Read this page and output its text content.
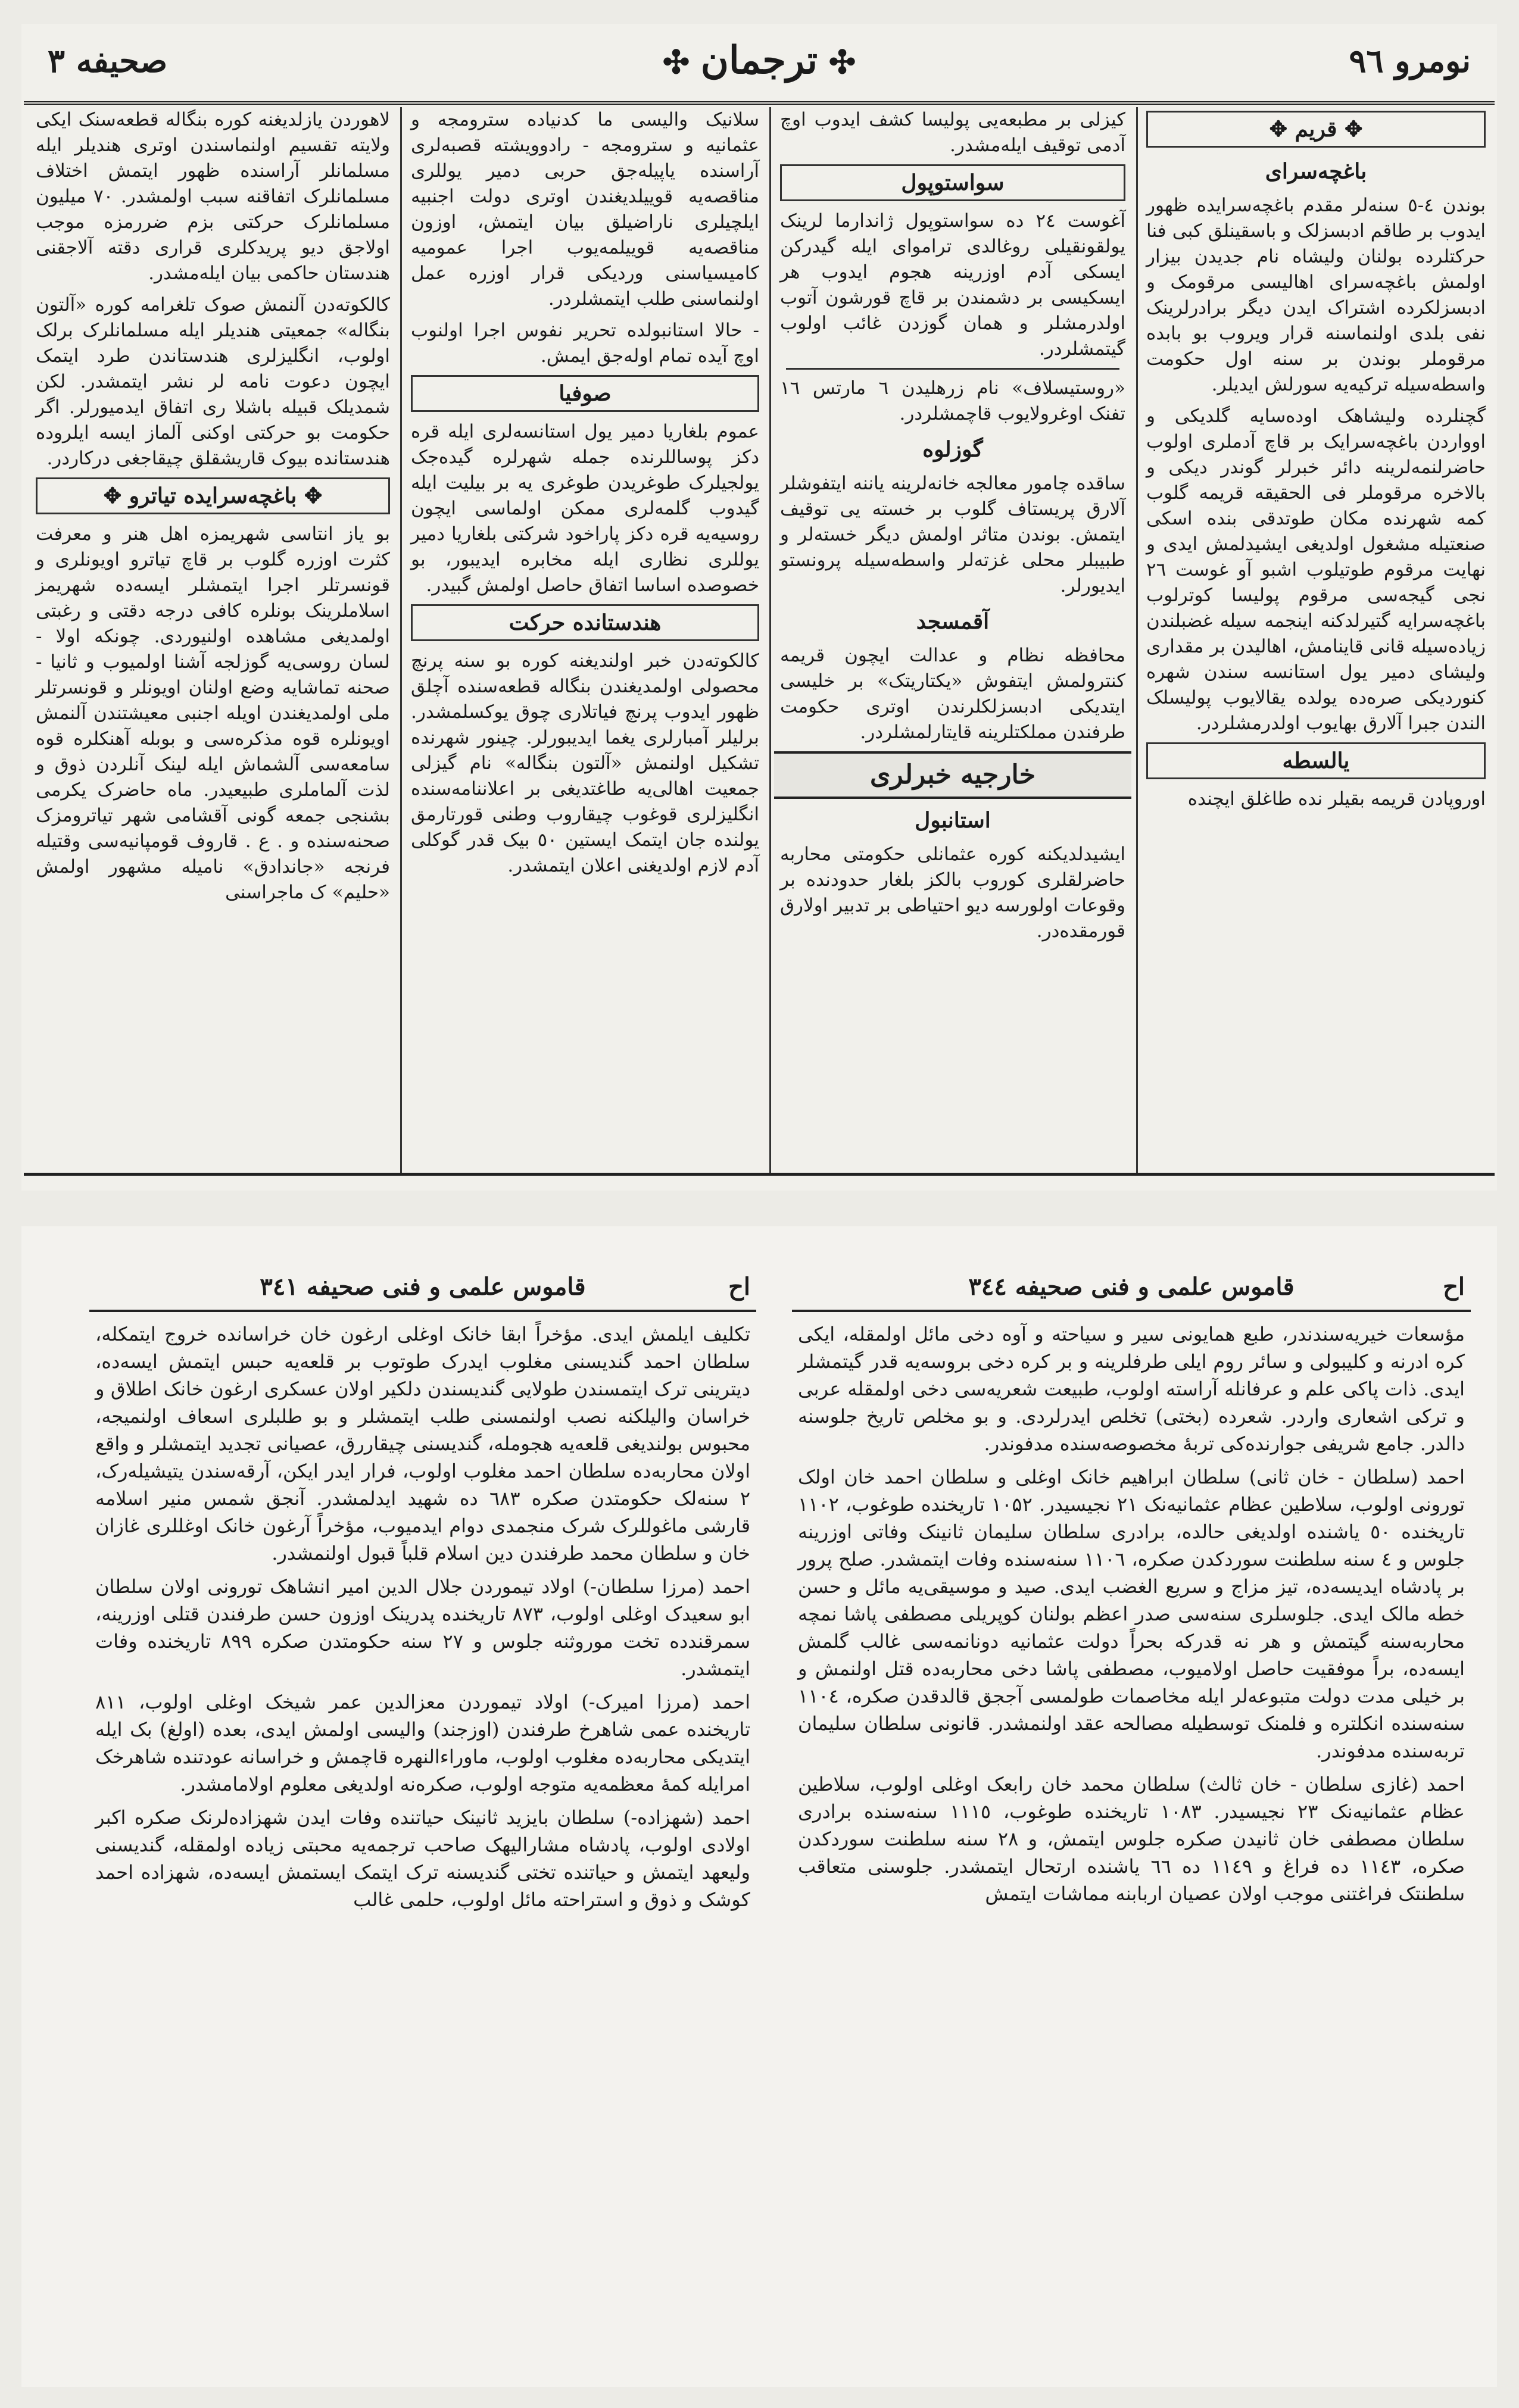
نومرو ۹٦
✣ ترجمان ✣
صحیفه ۳
✥ قریم ✥
باغچه‌سرای
بوندن ٤-٥ سنه‌لر مقدم باغچه‌سرایده ظهور ایدوب بر طاقم ادبسزلک و باسقینلق کبی فنا حرکتلرده بولنان ولیشاه نام جدیدن بیزار اولمش باغچه‌سرای اهالیسی مرقومک و ادبسزلکرده اشتراک ایدن دیگر برادرلرینک نفی بلدی اولنماسنه قرار ویروب بو بابده مرقوملر بوندن بر سنه اول حکومت واسطه‌سیله ترکیه‌یه سورلش ایدیلر.
گچنلرده ولیشاهک اوده‌سایه گلدیکی و اوواردن باغچه‌سرایک بر قاچ آدملری اولوب حاضرلنمه‌لرینه دائر خبرلر گوندر دیکی و بالاخره مرقوملر فی الحقیقه قریمه گلوب کمه شهرنده مکان طوتدقی بنده اسکی صنعتیله مشغول اولدیغی ایشیدلمش ایدی و نهایت مرقوم طوتیلوب اشبو آو غوست ۲٦ نجی گیجه‌سی مرقوم پولیسا کوترلوب باغچه‌سرایه گتیرلدکنه اینجمه سیله غضبلندن زیاده‌سیله قانی قاینامش، اهالیدن بر مقداری ولیشای دمیر یول استانسه سندن شهره کنوردیکی صره‌ده یولده یقالایوب پولیسلک الندن جبرا آلارق بهایوب اولدرمشلردر.
یالسطه
اوروپادن قریمه بقیلر نده طاغلق ایچنده
کیزلی بر مطبعه‌یی پولیسا کشف ایدوب اوچ آدمی توقیف ایله‌مشدر.
سواستوپول
آغوست ۲٤ ده سواستوپول ژاندارما لرینک یولقونقیلی روغالدی تراموای ایله گیدرکن ایسکی آدم اوزرینه هجوم ایدوب هر ایسکیسی بر دشمندن بر قاچ قورشون آتوب اولدرمشلر و همان گوزدن غائب اولوب گیتمشلردر.
«روستیسلاف» نام زرهلیدن ٦ مارتس ۱٦ تفنک اوغرولایوب قاچمشلردر.
گوزلوه
ساقده چامور معالجه خانه‌لرینه یاننه ایتفوشلر آلارق پریستاف گلوب بر خسته یی توقیف ایتمش. بوندن متاثر اولمش دیگر خسته‌لر و طبیبلر محلی غزته‌لر واسطه‌سیله پرونستو ایدیورلر.
آقمسجد
محافظه نظام و عدالت ایچون قریمه کنترولمش ایتفوش «یکتاریتک» بر خلیسی ایتدیکی ادبسزلکلرندن اوتری حکومت طرفندن مملکتلرینه قایتارلمشلردر.
خارجیه خبرلری
استانبول
ایشیدلدیکنه کوره عثمانلی حکومتی محاربه حاضرلقلری کوروب بالکز بلغار حدودنده بر وقوعات اولورسه دیو احتیاطی بر تدبیر اولارق قورمقده‌در.
سلانیک والیسی ما کدنیاده سترومجه و عثمانیه و سترومجه - رادوویشته قصبه‌لری آراسنده یاپیله‌جق حربی دمیر یوللری مناقصه‌یه قوییلدیغندن اوتری دولت اجنبیه ایلچیلری ناراضیلق بیان ایتمش، اوزون مناقصه‌یه قوییلمه‌یوب اجرا عمومیه کامیسیاسنی وردیکی قرار اوزره عمل اولنماسنی طلب ایتمشلردر.
- حالا استانبولده تحریر نفوس اجرا اولنوب اوچ آیده تمام اوله‌جق ایمش.
صوفیا
عموم بلغاریا دمیر یول استانسه‌لری ایله قره دکز پوساللرنده جمله شهرلره گیده‌جک یولجیلرک طوغریدن طوغری یه بر بیلیت ایله گیدوب گلمه‌لری ممکن اولماسی ایچون روسیه‌یه قره دکز پاراخود شرکتی بلغاریا دمیر یوللری نظاری ایله مخابره ایدیبور، بو خصوصده اساسا اتفاق حاصل اولمش گبیدر.
هندستانده حرکت
کالکوته‌دن خبر اولندیغنه کوره بو سنه پرنچ محصولی اولمدیغندن بنگاله قطعه‌سنده آچلق ظهور ایدوب پرنچ فیاتلاری چوق یوکسلمشدر. برلیلر آمبارلری یغما ایدیبورلر. چینور شهرنده تشکیل اولنمش «آلتون بنگاله» نام گیزلی جمعیت اهالی‌یه طاغتدیغی بر اعلاننامه‌سنده انگلیزلری قوغوب چیقاروب وطنی قورتارمق یولنده جان ایتمک ایستین ٥۰ بیک قدر گوکلی آدم لازم اولدیغنی اعلان ایتمشدر.
لاهوردن یازلدیغنه کوره بنگاله قطعه‌سنک ایکی ولایته تقسیم اولنماسندن اوتری هندیلر ایله مسلمانلر آراسنده ظهور ایتمش اختلاف مسلمانلرک اتفاقنه سبب اولمشدر. ۷۰ میلیون مسلمانلرک حرکتی بزم ضررمزه موجب اولاجق دیو پریدکلری قراری دقته آلاجقنی هندستان حاکمی بیان ایله‌مشدر.
کالکوته‌دن آلنمش صوک تلغرامه کوره «آلتون بنگاله» جمعیتی هندیلر ایله مسلمانلرک برلک اولوب، انگلیزلری هندستاندن طرد ایتمک ایچون دعوت نامه لر نشر ایتمشدر. لکن شمدیلک قبیله باشلا ری اتفاق ایدمیورلر. اگر حکومت بو حرکتی اوکنی آلماز ایسه ایلروده هندستانده بیوک قاریشقلق چیقاجغی درکاردر.
✥ باغچه‌سرایده تیاترو ✥
بو یاز انتاسی شهریمزه اهل هنر و معرفت کثرت اوزره گلوب بر قاچ تیاترو اویونلری و قونسرتلر اجرا ایتمشلر ایسه‌ده شهریمز اسلاملرینک بونلره کافی درجه دقتی و رغبتی اولمدیغی مشاهده اولنیوردی. چونکه اولا - لسان روسی‌یه گوزلجه آشنا اولمیوب و ثانیا - صحنه تماشایه وضع اولنان اویونلر و قونسرتلر ملی اولمدیغندن اویله اجنبی معیشتندن آلنمش اویونلره قوه مذکره‌سی و بوبله آهنکلره قوه سامعه‌سی آلشماش ایله لینک آنلردن ذوق و لذت آلماملری طبیعیدر. ماه حاضرک یکرمی بشنجی جمعه گونی آقشامی شهر تیاترومزک صحنه‌سنده و . ع . قاروف قومپانیه‌سی وقتیله فرنجه «جاندادق» نامیله مشهور اولمش «حلیم» ک ماجراسنی
اح
قاموس علمی و فنی صحیفه ۳٤٤
مؤسعات خیریه‌سندندر، طبع همایونی سیر و سیاحته و آوه دخی مائل اولمقله، ایکی کره ادرنه و کلیبولی و سائر روم ایلی طرفلرینه و بر کره دخی بروسه‌یه قدر گیتمشلر ایدی. ذات پاکی علم و عرفانله آراسته اولوب، طبیعت شعریه‌سی دخی اولمقله عربی و ترکی اشعاری واردر. شعرده (بختی) تخلص ایدرلردی. و بو مخلص تاریخ جلوسنه دالدر. جامع شریفی جوارنده‌کی تربهٔ مخصوصه‌سنده مدفوندر.
احمد (سلطان - خان ثانی) سلطان ابراهیم خانک اوغلی و سلطان احمد خان اولک تورونی اولوب، سلاطین عظام عثمانیه‌نک ۲۱ نجیسیدر. ۱۰۵۲ تاریخنده طوغوب، ۱۱۰۲ تاریخنده ٥۰ یاشنده اولدیغی حالده، برادری سلطان سلیمان ثانینک وفاتی اوزرینه جلوس و ٤ سنه سلطنت سوردکدن صکره، ۱۱۰٦ سنه‌سنده وفات ایتمشدر. صلح پرور بر پادشاه ایدیسه‌ده، تیز مزاج و سریع الغضب ایدی. صید و موسیقی‌یه مائل و حسن خطه مالک ایدی. جلوسلری سنه‌سی صدر اعظم بولنان کوپریلی مصطفی پاشا نمچه محاربه‌سنه گیتمش و هر نه قدرکه بحراً دولت عثمانیه دونانمه‌سی غالب گلمش ایسه‌ده، براً موفقیت حاصل اولامیوب، مصطفی پاشا دخی محاربه‌ده قتل اولنمش و بر خیلی مدت دولت متبوعه‌لر ایله مخاصمات طولمسی آججق قالدقدن صکره، ۱۱۰٤ سنه‌سنده انکلتره و فلمنک توسطیله مصالحه عقد اولنمشدر. قانونی سلطان سلیمان تربه‌سنده مدفوندر.
احمد (غازی سلطان - خان ثالث) سلطان محمد خان رابعک اوغلی اولوب، سلاطین عظام عثمانیه‌نک ۲۳ نجیسیدر. ۱۰۸۳ تاریخنده طوغوب، ۱۱۱٥ سنه‌سنده برادری سلطان مصطفی خان ثانیدن صکره جلوس ایتمش، و ۲۸ سنه سلطنت سوردکدن صکره، ۱۱٤۳ ده فراغ و ۱۱٤۹ ده ٦٦ یاشنده ارتحال ایتمشدر. جلوسنی متعاقب سلطنتک فراغتنی موجب اولان عصیان اربابنه مماشات ایتمش
اح
قاموس علمی و فنی صحیفه ۳٤۱
تکلیف ایلمش ایدی. مؤخراً ابقا خانک اوغلی ارغون خان خراسانده خروج ایتمکله، سلطان احمد گندیسنی مغلوب ایدرک طوتوب بر قلعه‌یه حبس ایتمش ایسه‌ده، دیترینی ترک ایتمسندن طولایی گندیسندن دلکیر اولان عسکری ارغون خانک اطلاق و خراسان والیلکنه نصب اولنمسنی طلب ایتمشلر و بو طلبلری اسعاف اولنمیجه، محبوس بولندیغی قلعه‌یه هجومله، گندیسنی چیقاررق، عصیانی تجدید ایتمشلر و واقع اولان محاربه‌ده سلطان احمد مغلوب اولوب، فرار ایدر ایکن، آرقه‌سندن یتیشیله‌رک، ۲ سنه‌لک حکومتدن صکره ٦۸۳ ده شهید ایدلمشدر. آنجق شمس منیر اسلامه قارشی ماغوللرک شرک منجمدی دوام ایدمیوب، مؤخراً آرغون خانک اوغللری غازان خان و سلطان محمد طرفندن دین اسلام قلباً قبول اولنمشدر.
احمد (مرزا سلطان-) اولاد تیموردن جلال الدین امیر انشاهک تورونی اولان سلطان ابو سعیدک اوغلی اولوب، ۸۷۳ تاریخنده پدرینک اوزون حسن طرفندن قتلی اوزرینه، سمرقندده تخت موروثنه جلوس و ۲۷ سنه حکومتدن صکره ۸۹۹ تاریخنده وفات ایتمشدر.
احمد (مرزا امیرک-) اولاد تیموردن معزالدین عمر شیخک اوغلی اولوب، ۸۱۱ تاریخنده عمی شاهرخ طرفندن (اوزجند) والیسی اولمش ایدی، بعده (اولغ) بک ایله ایتدیکی محاربه‌ده مغلوب اولوب، ماوراءالنهره قاچمش و خراسانه عودتنده شاهرخک امرایله کمهٔ معظمه‌یه متوجه اولوب، صکره‌نه اولدیغی معلوم اولامامشدر.
احمد (شهزاده-) سلطان بایزید ثانینک حیاتنده وفات ایدن شهزاده‌لرنک صکره اکبر اولادی اولوب، پادشاه مشارالیهک صاحب ترجمه‌یه محبتی زیاده اولمقله، گندیسنی ولیعهد ایتمش و حیاتنده تختی گندیسنه ترک ایتمک ایستمش ایسه‌ده، شهزاده احمد کوشک و ذوق و استراحته مائل اولوب، حلمی غالب
